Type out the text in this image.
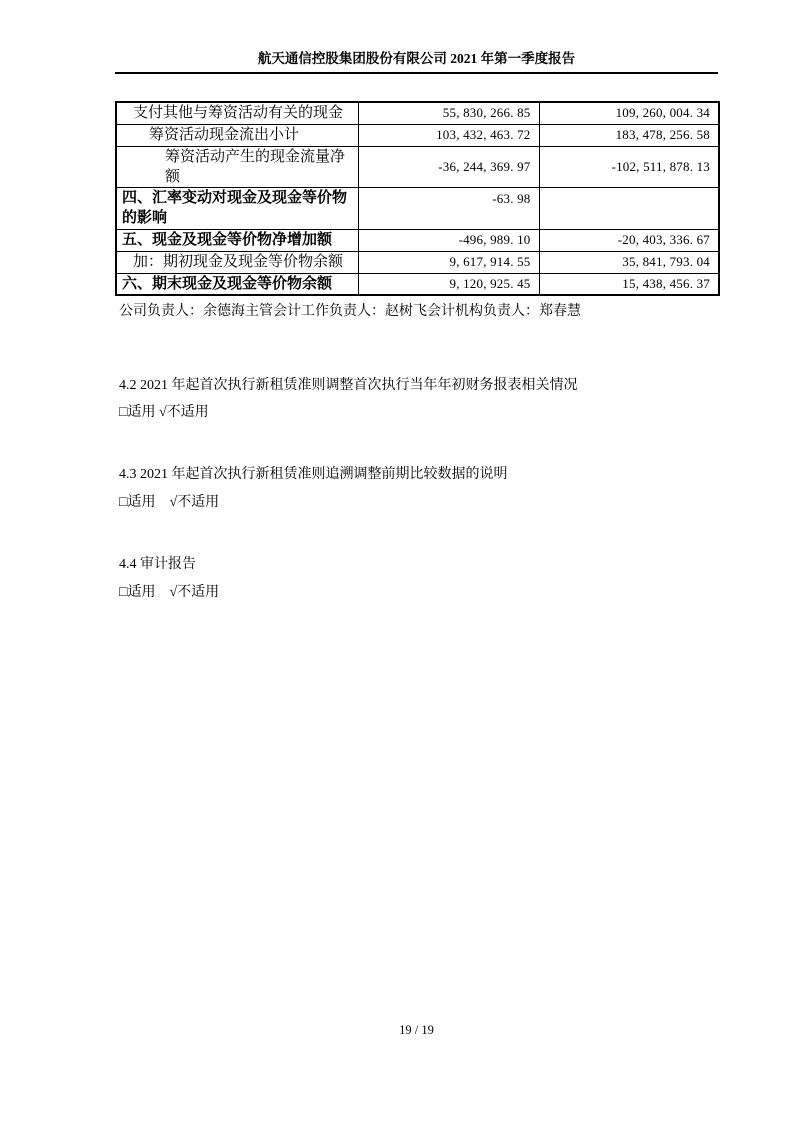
航天通信控股集团股份有限公司 2021 年第一季度报告
支付其他与筹资活动有关的现金	55, 830, 266. 85	109, 260, 004. 34
筹资活动现金流出小计	103, 432, 463. 72	183, 478, 256. 58
筹资活动产生的现金流量净额	-36, 244, 369. 97	-102, 511, 878. 13
四、汇率变动对现金及现金等价物的影响	-63. 98	
五、现金及现金等价物净增加额	-496, 989. 10	-20, 403, 336. 67
加：期初现金及现金等价物余额	9, 617, 914. 55	35, 841, 793. 04
六、期末现金及现金等价物余额	9, 120, 925. 45	15, 438, 456. 37
公司负责人：余德海主管会计工作负责人：赵树飞会计机构负责人：郑春慧
4.2 2021 年起首次执行新租赁准则调整首次执行当年年初财务报表相关情况
□适用 √不适用
4.3 2021 年起首次执行新租赁准则追溯调整前期比较数据的说明
□适用　√不适用
4.4 审计报告
□适用　√不适用
19 / 19
